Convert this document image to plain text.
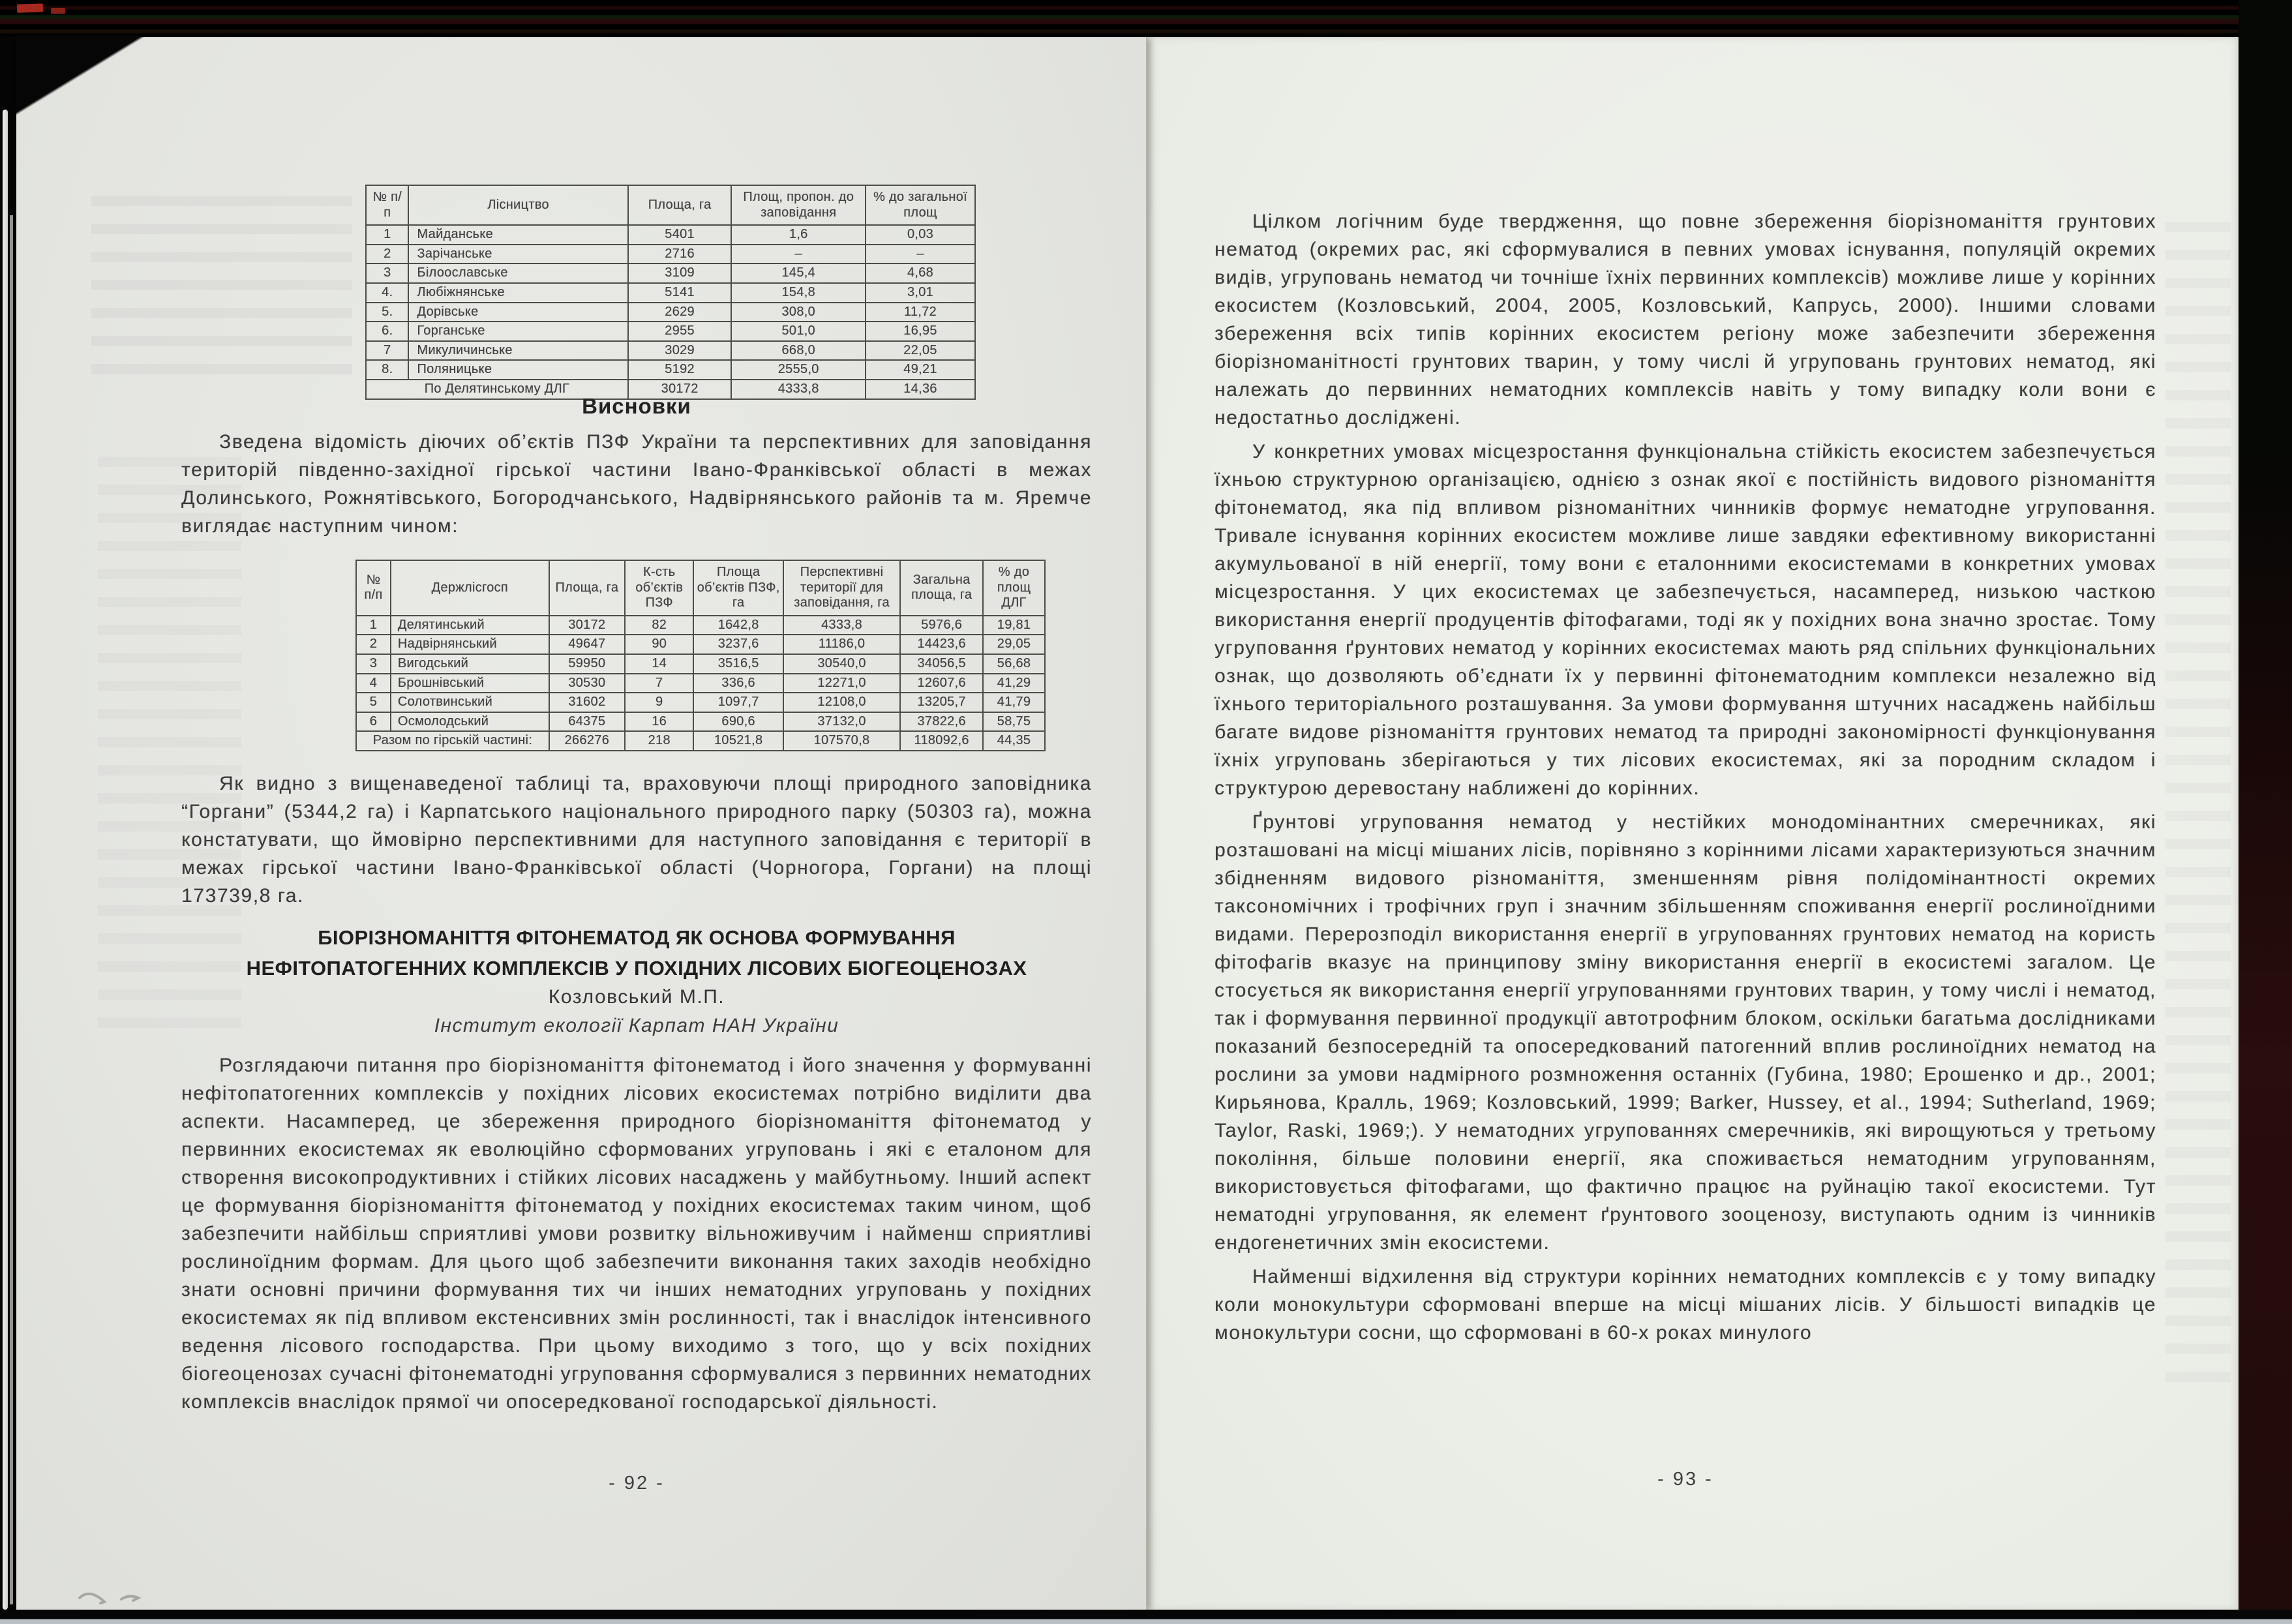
№ п/п	Лісництво	Площа, га	Площ, пропон. до заповідання	% до загальної площ
1	Майданське	5401	1,6	0,03
2	Зарічанське	2716	–	–
3	Білоославське	3109	145,4	4,68
4.	Любіжнянське	5141	154,8	3,01
5.	Дорівське	2629	308,0	11,72
6.	Горганське	2955	501,0	16,95
7	Микуличинське	3029	668,0	22,05
8.	Поляницьке	5192	2555,0	49,21
По Делятинському ДЛГ		30172	4333,8	14,36
Висновки

Зведена відомість діючих об’єктів ПЗФ України та перспективних для заповідання територій південно-західної гірської частини Івано-Франківської області в межах Долинського, Рожнятівського, Богородчанського, Надвірнянського районів та м. Яремче виглядає наступним чином:

№ п/п	Держлісгосп	Площа, га	К-сть об’єктів ПЗФ	Площа об’єктів ПЗФ, га	Перспективні території для заповідання, га	Загальна площа, га	% до площ ДЛГ
1	Делятинський	30172	82	1642,8	4333,8	5976,6	19,81
2	Надвірнянський	49647	90	3237,6	11186,0	14423,6	29,05
3	Вигодський	59950	14	3516,5	30540,0	34056,5	56,68
4	Брошнівський	30530	7	336,6	12271,0	12607,6	41,29
5	Солотвинський	31602	9	1097,7	12108,0	13205,7	41,79
6	Осмолодський	64375	16	690,6	37132,0	37822,6	58,75
Разом по гірській частині:		266276	218	10521,8	107570,8	118092,6	44,35

Як видно з вищенаведеної таблиці та, враховуючи площі природного заповідника “Горгани” (5344,2 га) і Карпатського національного природного парку (50303 га), можна констатувати, що ймовірно перспективними для наступного заповідання є території в межах гірської частини Івано-Франківської області (Чорногора, Горгани) на площі 173739,8 га.

БІОРІЗНОМАНІТТЯ ФІТОНЕМАТОД ЯК ОСНОВА ФОРМУВАННЯ
НЕФІТОПАТОГЕННИХ КОМПЛЕКСІВ У ПОХІДНИХ ЛІСОВИХ БІОГЕОЦЕНОЗАХ
Козловський М.П.
Інститут екології Карпат НАН України

Розглядаючи питання про біорізноманіття фітонематод і його значення у формуванні нефітопатогенних комплексів у похідних лісових екосистемах потрібно виділити два аспекти. Насамперед, це збереження природного біорізноманіття фітонематод у первинних екосистемах як еволюційно сформованих угруповань і які є еталоном для створення високопродуктивних і стійких лісових насаджень у майбутньому. Інший аспект це формування біорізноманіття фітонематод у похідних екосистемах таким чином, щоб забезпечити найбільш сприятливі умови розвитку вільноживучим і найменш сприятливі рослиноїдним формам. Для цього щоб забезпечити виконання таких заходів необхідно знати основні причини формування тих чи інших нематодних угруповань у похідних екосистемах як під впливом екстенсивних змін рослинності, так і внаслідок інтенсивного ведення лісового господарства. При цьому виходимо з того, що у всіх похідних біогеоценозах сучасні фітонематодні угруповання сформувалися з первинних нематодних комплексів внаслідок прямої чи опосередкованої господарської діяльності.

- 92 -

Цілком логічним буде твердження, що повне збереження біорізноманіття грунтових нематод (окремих рас, які сформувалися в певних умовах існування, популяцій окремих видів, угруповань нематод чи точніше їхніх первинних комплексів) можливе лише у корінних екосистем (Козловський, 2004, 2005, Козловський, Капрусь, 2000). Іншими словами збереження всіх типів корінних екосистем регіону може забезпечити збереження біорізноманітності грунтових тварин, у тому числі й угруповань грунтових нематод, які належать до первинних нематодних комплексів навіть у тому випадку коли вони є недостатньо досліджені.

У конкретних умовах місцезростання функціональна стійкість екосистем забезпечується їхньою структурною організацією, однією з ознак якої є постійність видового різноманіття фітонематод, яка під впливом різноманітних чинників формує нематодне угруповання. Тривале існування корінних екосистем можливе лише завдяки ефективному використанні акумульованої в ній енергії, тому вони є еталонними екосистемами в конкретних умовах місцезростання. У цих екосистемах це забезпечується, насамперед, низькою часткою використання енергії продуцентів фітофагами, тоді як у похідних вона значно зростає. Тому угруповання ґрунтових нематод у корінних екосистемах мають ряд спільних функціональних ознак, що дозволяють об’єднати їх у первинні фітонематодним комплекси незалежно від їхнього територіального розташування. За умови формування штучних насаджень найбільш багате видове різноманіття грунтових нематод та природні закономірності функціонування їхніх угруповань зберігаються у тих лісових екосистемах, які за породним складом і структурою деревостану наближені до корінних.

Ґрунтові угруповання нематод у нестійких монодомінантних смеречниках, які розташовані на місці мішаних лісів, порівняно з корінними лісами характеризуються значним збідненням видового різноманіття, зменшенням рівня полідомінантності окремих таксономічних і трофічних груп і значним збільшенням споживання енергії рослиноїдними видами. Перерозподіл використання енергії в угрупованнях грунтових нематод на користь фітофагів вказує на принципову зміну використання енергії в екосистемі загалом. Це стосується як використання енергії угрупованнями грунтових тварин, у тому числі і нематод, так і формування первинної продукції автотрофним блоком, оскільки багатьма дослідниками показаний безпосередній та опосередкований патогенний вплив рослиноїдних нематод на рослини за умови надмірного розмноження останніх (Губина, 1980; Ерошенко и др., 2001; Кирьянова, Кралль, 1969; Козловський, 1999; Barker, Hussey, et al., 1994; Sutherland, 1969; Taylor, Raski, 1969;). У нематодних угрупованнях смеречників, які вирощуються у третьому покоління, більше половини енергії, яка споживається нематодним угрупованням, використовується фітофагами, що фактично працює на руйнацію такої екосистеми. Тут нематодні угруповання, як елемент ґрунтового зооценозу, виступають одним із чинників ендогенетичних змін екосистеми.

Найменші відхилення від структури корінних нематодних комплексів є у тому випадку коли монокультури сформовані вперше на місці мішаних лісів. У більшості випадків це монокультури сосни, що сформовані в 60-х роках минулого

- 93 -
